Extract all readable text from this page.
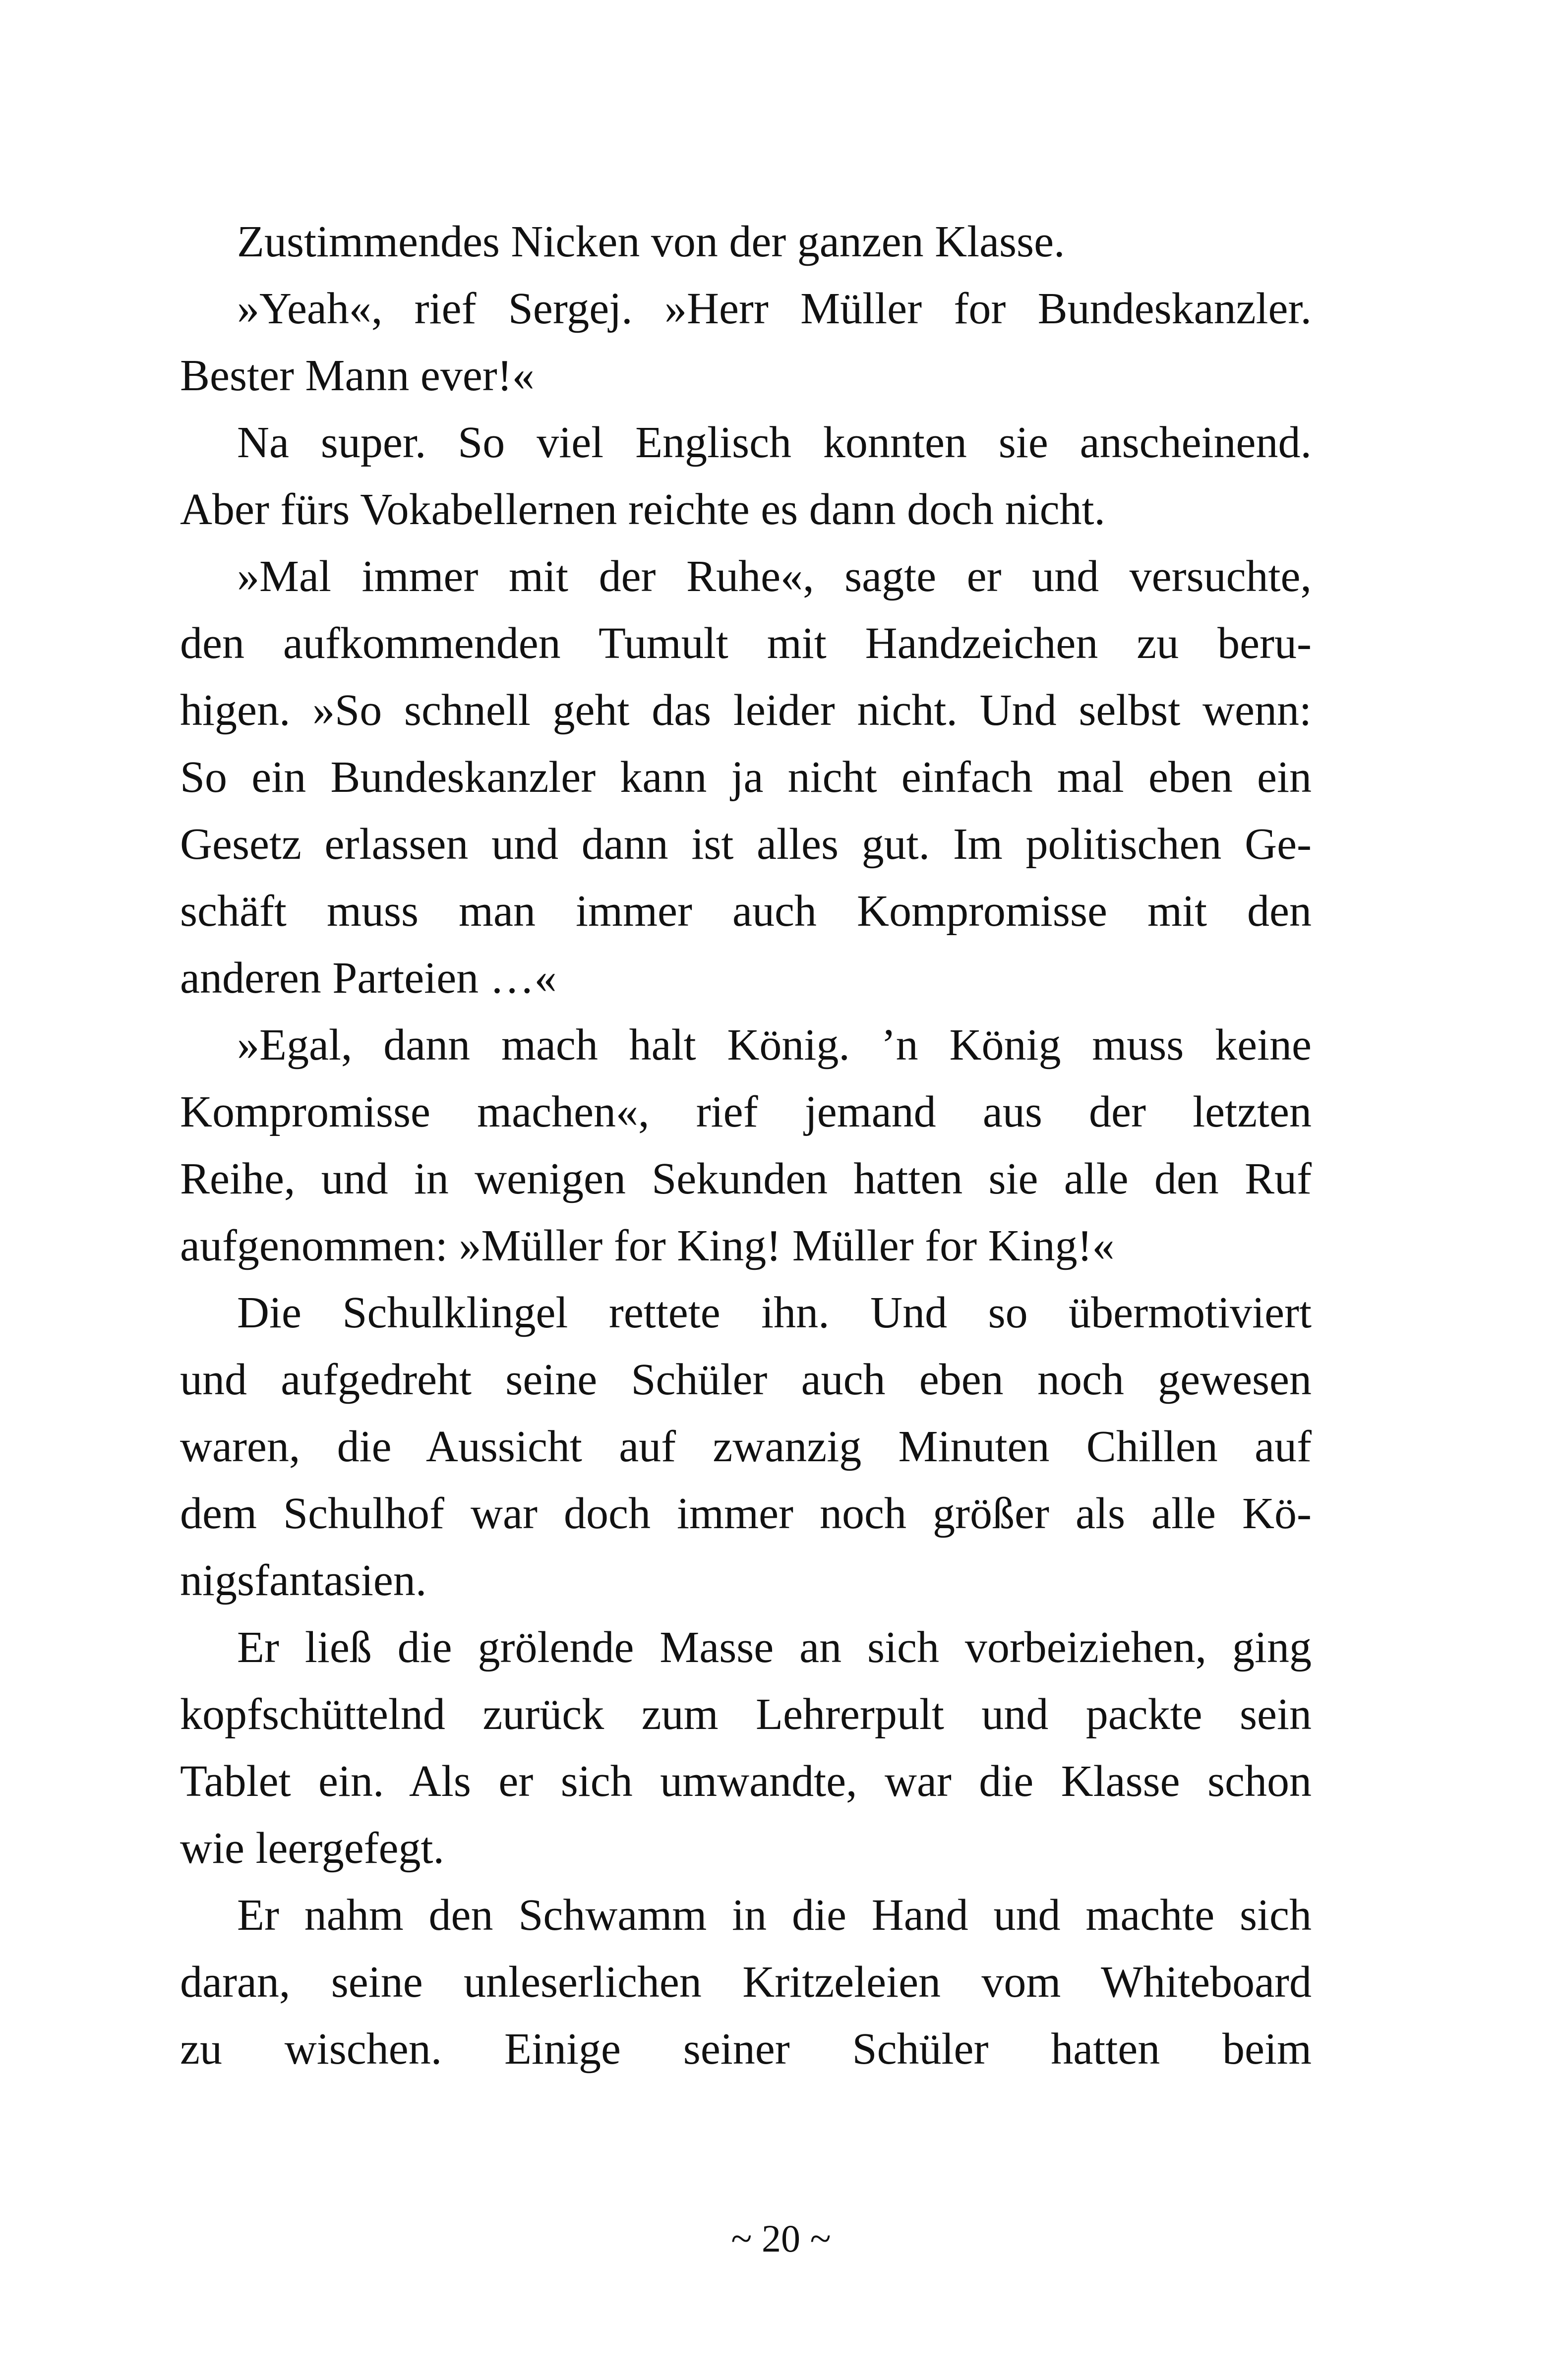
Zustimmendes Nicken von der ganzen Klasse.
»Yeah«, rief Sergej. »Herr Müller for Bundeskanzler.
Bester Mann ever!«
Na super. So viel Englisch konnten sie anscheinend.
Aber fürs Vokabellernen reichte es dann doch nicht.
»Mal immer mit der Ruhe«, sagte er und versuchte,
den aufkommenden Tumult mit Handzeichen zu beru-
higen. »So schnell geht das leider nicht. Und selbst wenn:
So ein Bundeskanzler kann ja nicht einfach mal eben ein
Gesetz erlassen und dann ist alles gut. Im politischen Ge-
schäft muss man immer auch Kompromisse mit den
anderen Parteien …«
»Egal, dann mach halt König. ’n König muss keine
Kompromisse machen«, rief jemand aus der letzten
Reihe, und in wenigen Sekunden hatten sie alle den Ruf
aufgenommen: »Müller for King! Müller for King!«
Die Schulklingel rettete ihn. Und so übermotiviert
und aufgedreht seine Schüler auch eben noch gewesen
waren, die Aussicht auf zwanzig Minuten Chillen auf
dem Schulhof war doch immer noch größer als alle Kö-
nigsfantasien.
Er ließ die grölende Masse an sich vorbeiziehen, ging
kopfschüttelnd zurück zum Lehrerpult und packte sein
Tablet ein. Als er sich umwandte, war die Klasse schon
wie leergefegt.
Er nahm den Schwamm in die Hand und machte sich
daran, seine unleserlichen Kritzeleien vom Whiteboard
zu wischen. Einige seiner Schüler hatten beim
~ 20 ~
